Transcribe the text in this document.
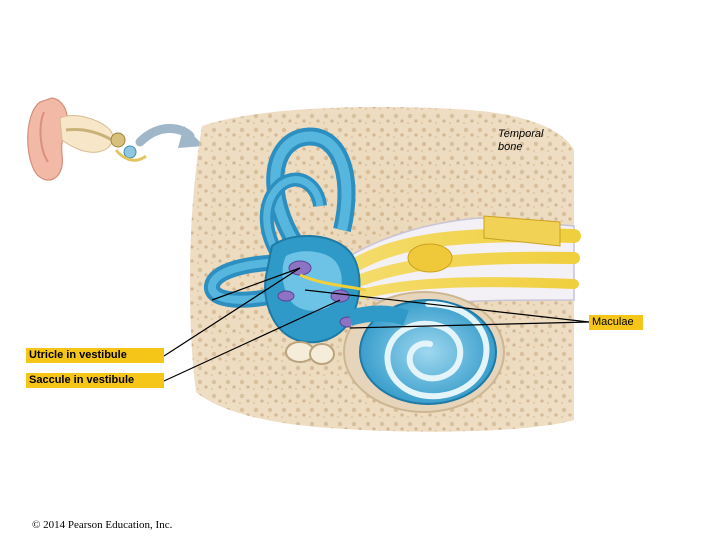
Temporal
bone
Maculae
Utricle in vestibule
Saccule in vestibule
© 2014 Pearson Education, Inc.
